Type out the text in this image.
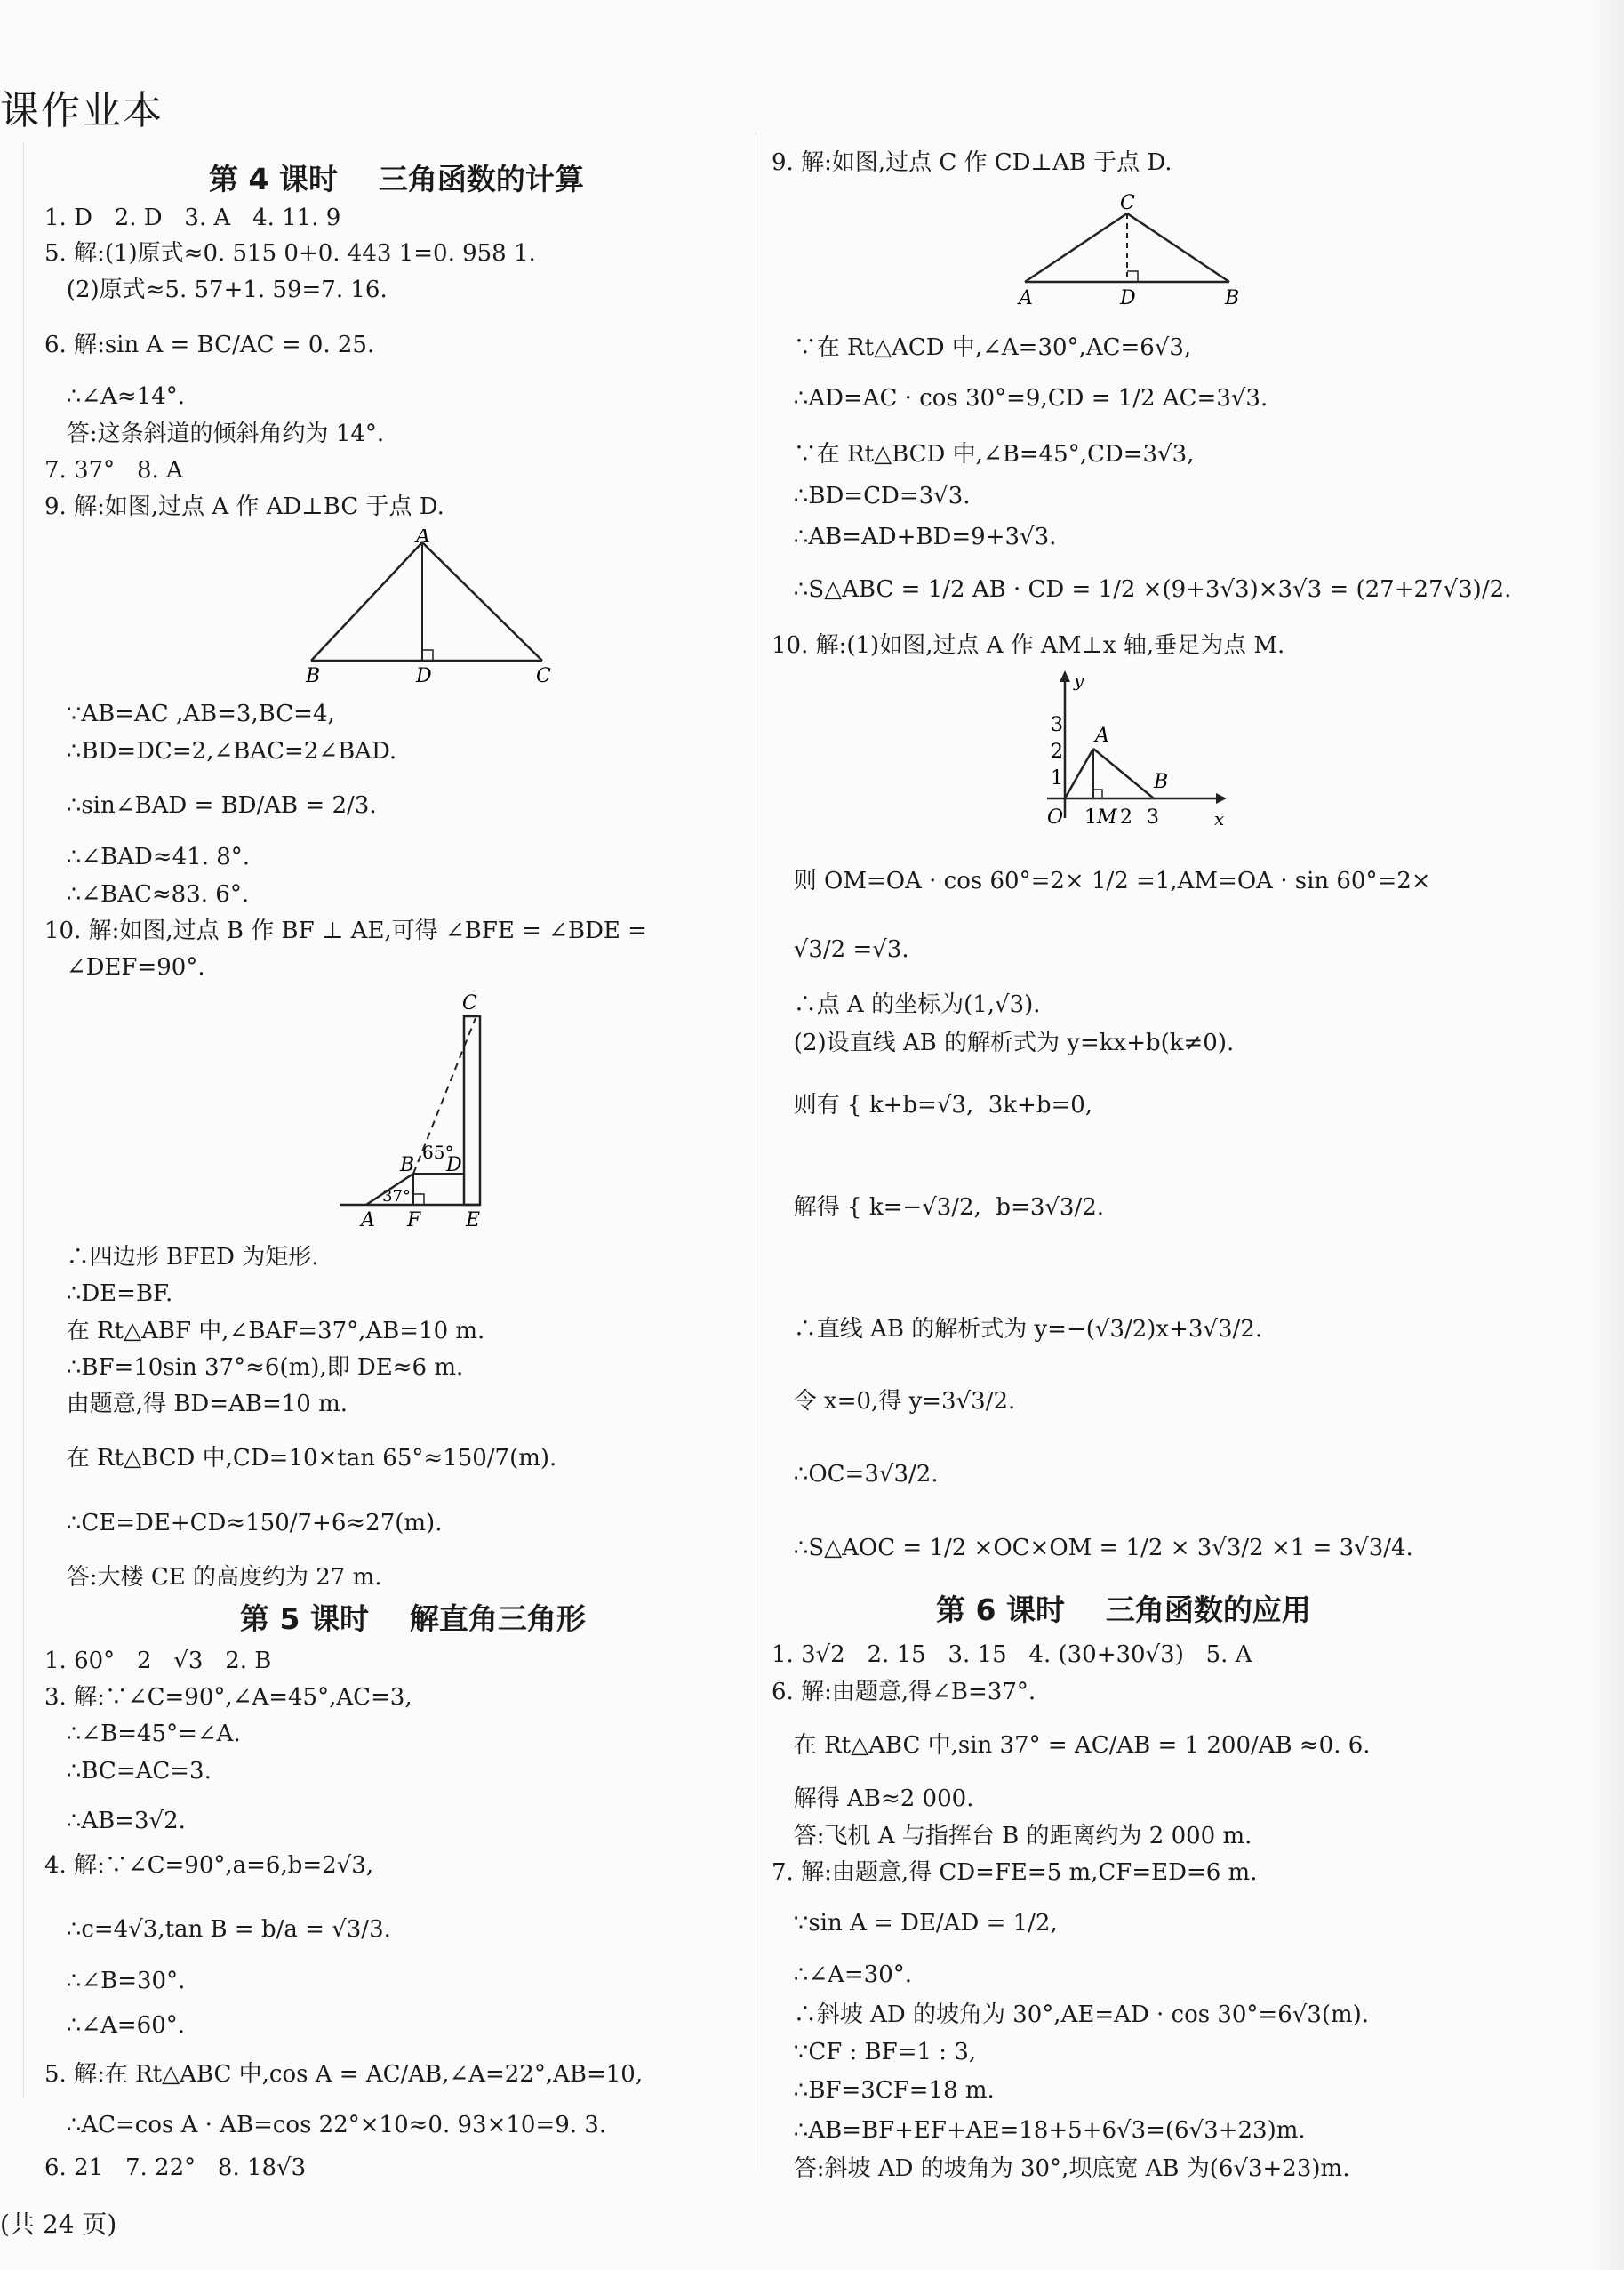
课作业本
第 4 课时    三角函数的计算
1. D   2. D   3. A   4. 11. 9
5. 解:(1)原式≈0. 515 0+0. 443 1=0. 958 1.
(2)原式≈5. 57+1. 59=7. 16.
6. 解:sin A = BC/AC = 0. 25.
∴∠A≈14°.
答:这条斜道的倾斜角约为 14°.
7. 37°   8. A
9. 解:如图,过点 A 作 AD⊥BC 于点 D.
A
B	D	C
∵AB=AC ,AB=3,BC=4,
∴BD=DC=2,∠BAC=2∠BAD.
∴sin∠BAD = BD/AB = 2/3.
∴∠BAD≈41. 8°.
∴∠BAC≈83. 6°.
10. 解:如图,过点 B 作 BF ⊥ AE,可得 ∠BFE = ∠BDE =
∠DEF=90°.
C
B D
65°
37°
A F E
∴四边形 BFED 为矩形.
∴DE=BF.
在 Rt△ABF 中,∠BAF=37°,AB=10 m.
∴BF=10sin 37°≈6(m),即 DE≈6 m.
由题意,得 BD=AB=10 m.
在 Rt△BCD 中,CD=10×tan 65°≈150/7(m).
∴CE=DE+CD≈150/7+6≈27(m).
答:大楼 CE 的高度约为 27 m.
第 5 课时    解直角三角形
1. 60°   2   √3   2. B
3. 解:∵∠C=90°,∠A=45°,AC=3,
∴∠B=45°=∠A.
∴BC=AC=3.
∴AB=3√2.
4. 解:∵∠C=90°,a=6,b=2√3,
∴c=4√3,tan B = b/a = √3/3.
∴∠B=30°.
∴∠A=60°.
5. 解:在 Rt△ABC 中,cos A = AC/AB,∠A=22°,AB=10,
∴AC=cos A · AB=cos 22°×10≈0. 93×10=9. 3.
6. 21   7. 22°   8. 18√3
9. 解:如图,过点 C 作 CD⊥AB 于点 D.
C
A	D	B
∵在 Rt△ACD 中,∠A=30°,AC=6√3,
∴AD=AC · cos 30°=9,CD = 1/2 AC=3√3.
∵在 Rt△BCD 中,∠B=45°,CD=3√3,
∴BD=CD=3√3.
∴AB=AD+BD=9+3√3.
∴S△ABC = 1/2 AB · CD = 1/2 ×(9+3√3)×3√3 = (27+27√3)/2.
10. 解:(1)如图,过点 A 作 AM⊥x 轴,垂足为点 M.
y
x
O
A
B
M
1 2 3
1
2
3
则 OM=OA · cos 60°=2× 1/2 =1,AM=OA · sin 60°=2×
√3/2 =√3.
∴点 A 的坐标为(1,√3).
(2)设直线 AB 的解析式为 y=kx+b(k≠0).
则有 { k+b=√3,  3k+b=0,
解得 { k=−√3/2,  b=3√3/2.
∴直线 AB 的解析式为 y=−(√3/2)x+3√3/2.
令 x=0,得 y=3√3/2.
∴OC=3√3/2.
∴S△AOC = 1/2 ×OC×OM = 1/2 × 3√3/2 ×1 = 3√3/4.
第 6 课时    三角函数的应用
1. 3√2   2. 15   3. 15   4. (30+30√3)   5. A
6. 解:由题意,得∠B=37°.
在 Rt△ABC 中,sin 37° = AC/AB = 1 200/AB ≈0. 6.
解得 AB≈2 000.
答:飞机 A 与指挥台 B 的距离约为 2 000 m.
7. 解:由题意,得 CD=FE=5 m,CF=ED=6 m.
∵sin A = DE/AD = 1/2,
∴∠A=30°.
∴斜坡 AD 的坡角为 30°,AE=AD · cos 30°=6√3(m).
∵CF : BF=1 : 3,
∴BF=3CF=18 m.
∴AB=BF+EF+AE=18+5+6√3=(6√3+23)m.
答:斜坡 AD 的坡角为 30°,坝底宽 AB 为(6√3+23)m.
(共 24 页)
